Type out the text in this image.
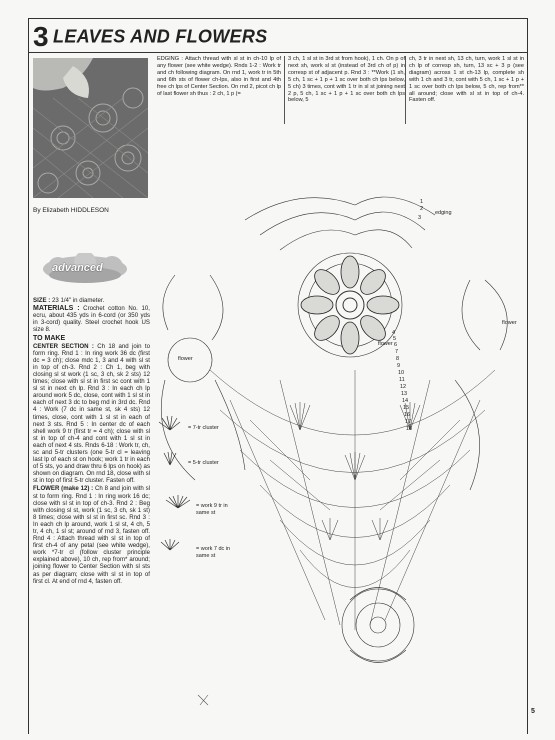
3 LEAVES AND FLOWERS
By Elizabeth HIDDLESON
advanced

SIZE : 23 1/4" in diameter.

MATERIALS : Crochet cotton No. 10, ecru, about 435 yds in 6-cord (or 350 yds in 3-cord) quality. Steel crochet hook US size 8.

TO MAKE

CENTER SECTION : Ch 18 and join to form ring. Rnd 1 : In ring work 36 dc (first dc = 3 ch); close mdc 1, 3 and 4 with sl st in top of ch-3. Rnd 2 : Ch 1, beg with closing sl st work (1 sc, 3 ch, sk 2 sts) 12 times; close with sl st in first sc cont with 1 sl st in next ch lp. Rnd 3 : In each ch lp around work 5 dc, close, cont with 1 sl st in each of next 3 dc to beg rnd in 3rd dc. Rnd 4 : Work (7 dc in same st, sk 4 sts) 12 times, close, cont with 1 sl st in each of next 3 sts. Rnd 5 : In center dc of each shell work 9 tr (first tr = 4 ch); close with sl st in top of ch-4 and cont with 1 sl st in each of next 4 sts. Rnds 6-18 : Work tr, ch, sc and 5-tr clusters (one 5-tr cl = leaving last lp of each st on hook; work 1 tr in each of 5 sts, yo and draw thru 6 lps on hook) as shown on diagram. On rnd 18, close with sl st in top of first 5-tr cluster. Fasten off.

FLOWER (make 12) : Ch 8 and join with sl st to form ring. Rnd 1 : In ring work 16 dc; close with sl st in top of ch-3. Rnd 2 : Beg with closing sl st, work (1 sc, 3 ch, sk 1 st) 8 times; close with sl st in first sc. Rnd 3 : In each ch lp around, work 1 sl st, 4 ch, 5 tr, 4 ch, 1 sl st; around of rnd 3, fasten off. Rnd 4 : Attach thread with sl st in top of first ch-4 of any petal (see white wedge), work *7-tr cl (follow cluster principle explained above), 10 ch, rep from* around; joining flower to Center Section with sl sts as per diagram; close with sl st in top of first cl. At end of rnd 4, fasten off.

EDGING : Attach thread with sl st in ch-10 lp of any flower (see white wedge). Rnds 1-2 : Work tr and ch following diagram. On rnd 1, work tr in 5th and 6th sts of flower ch-lps, also in first and 4th free ch lps of Center Section. On rnd 2, picot ch lp of last flower sh thus : 2 ch, 1 p (=
3 ch, 1 sl st in 3rd st from hook), 1 ch. On p of next sh, work sl st (instead of 3rd ch of p) in corresp st of adjacent p. Rnd 3 : **Work (1 sh, 5 ch, 1 sc + 1 p + 1 sc over both ch lps below, 5 ch) 3 times, cont with 1 tr in sl st joining next 2 p, 5 ch, 1 sc + 1 p + 1 sc over both ch lps below, 5
ch, 3 tr in next sh, 13 ch, turn, work 1 sl st in ch lp of corresp sh, turn, 13 sc + 3 p (see diagram) across 1 st ch-13 lp, complete sh with 1 ch and 3 tr, cont with 5 ch, 1 sc + 1 p + 1 sc over both ch lps below, 5 ch, rep from** all around; close with sl st in top of ch-4. Fasten off.
edging
flower
flower
flower
= 7-tr cluster
= 5-tr cluster
= work 9 tr in same st
= work 7 dc in same st
1
2
3
4
5
6
7
8
9
10
11
12
13
14
15
16
17
18
5
